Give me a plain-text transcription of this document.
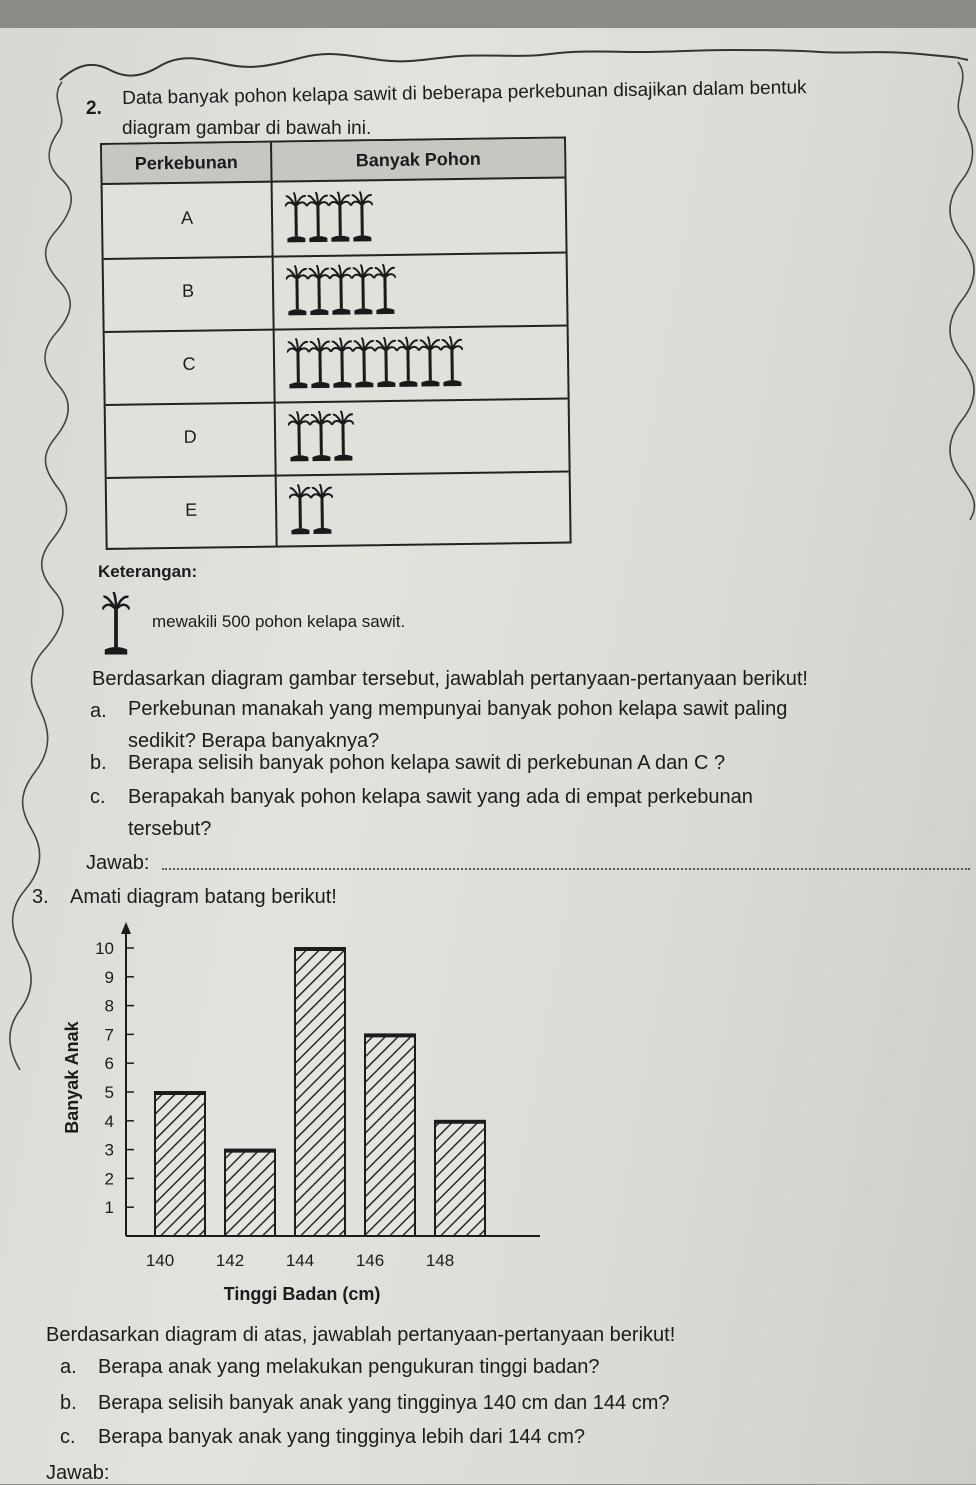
2. Data banyak pohon kelapa sawit di beberapa perkebunan disajikan dalam bentuk
diagram gambar di bawah ini.
Perkebunan	Banyak Pohon
A
B
C
D
E
Keterangan:
mewakili 500 pohon kelapa sawit.
Berdasarkan diagram gambar tersebut, jawablah pertanyaan-pertanyaan berikut!
a. Perkebunan manakah yang mempunyai banyak pohon kelapa sawit paling
sedikit? Berapa banyaknya?
b. Berapa selisih banyak pohon kelapa sawit di perkebunan A dan C ?
c. Berapakah banyak pohon kelapa sawit yang ada di empat perkebunan
tersebut?
Jawab:
3. Amati diagram batang berikut!
1
2
3
4
5
6
7
8
9
10
Banyak Anak
140 142 144 146 148
Tinggi Badan (cm)
Berdasarkan diagram di atas, jawablah pertanyaan-pertanyaan berikut!
a. Berapa anak yang melakukan pengukuran tinggi badan?
b. Berapa selisih banyak anak yang tingginya 140 cm dan 144 cm?
c. Berapa banyak anak yang tingginya lebih dari 144 cm?
Jawab:
